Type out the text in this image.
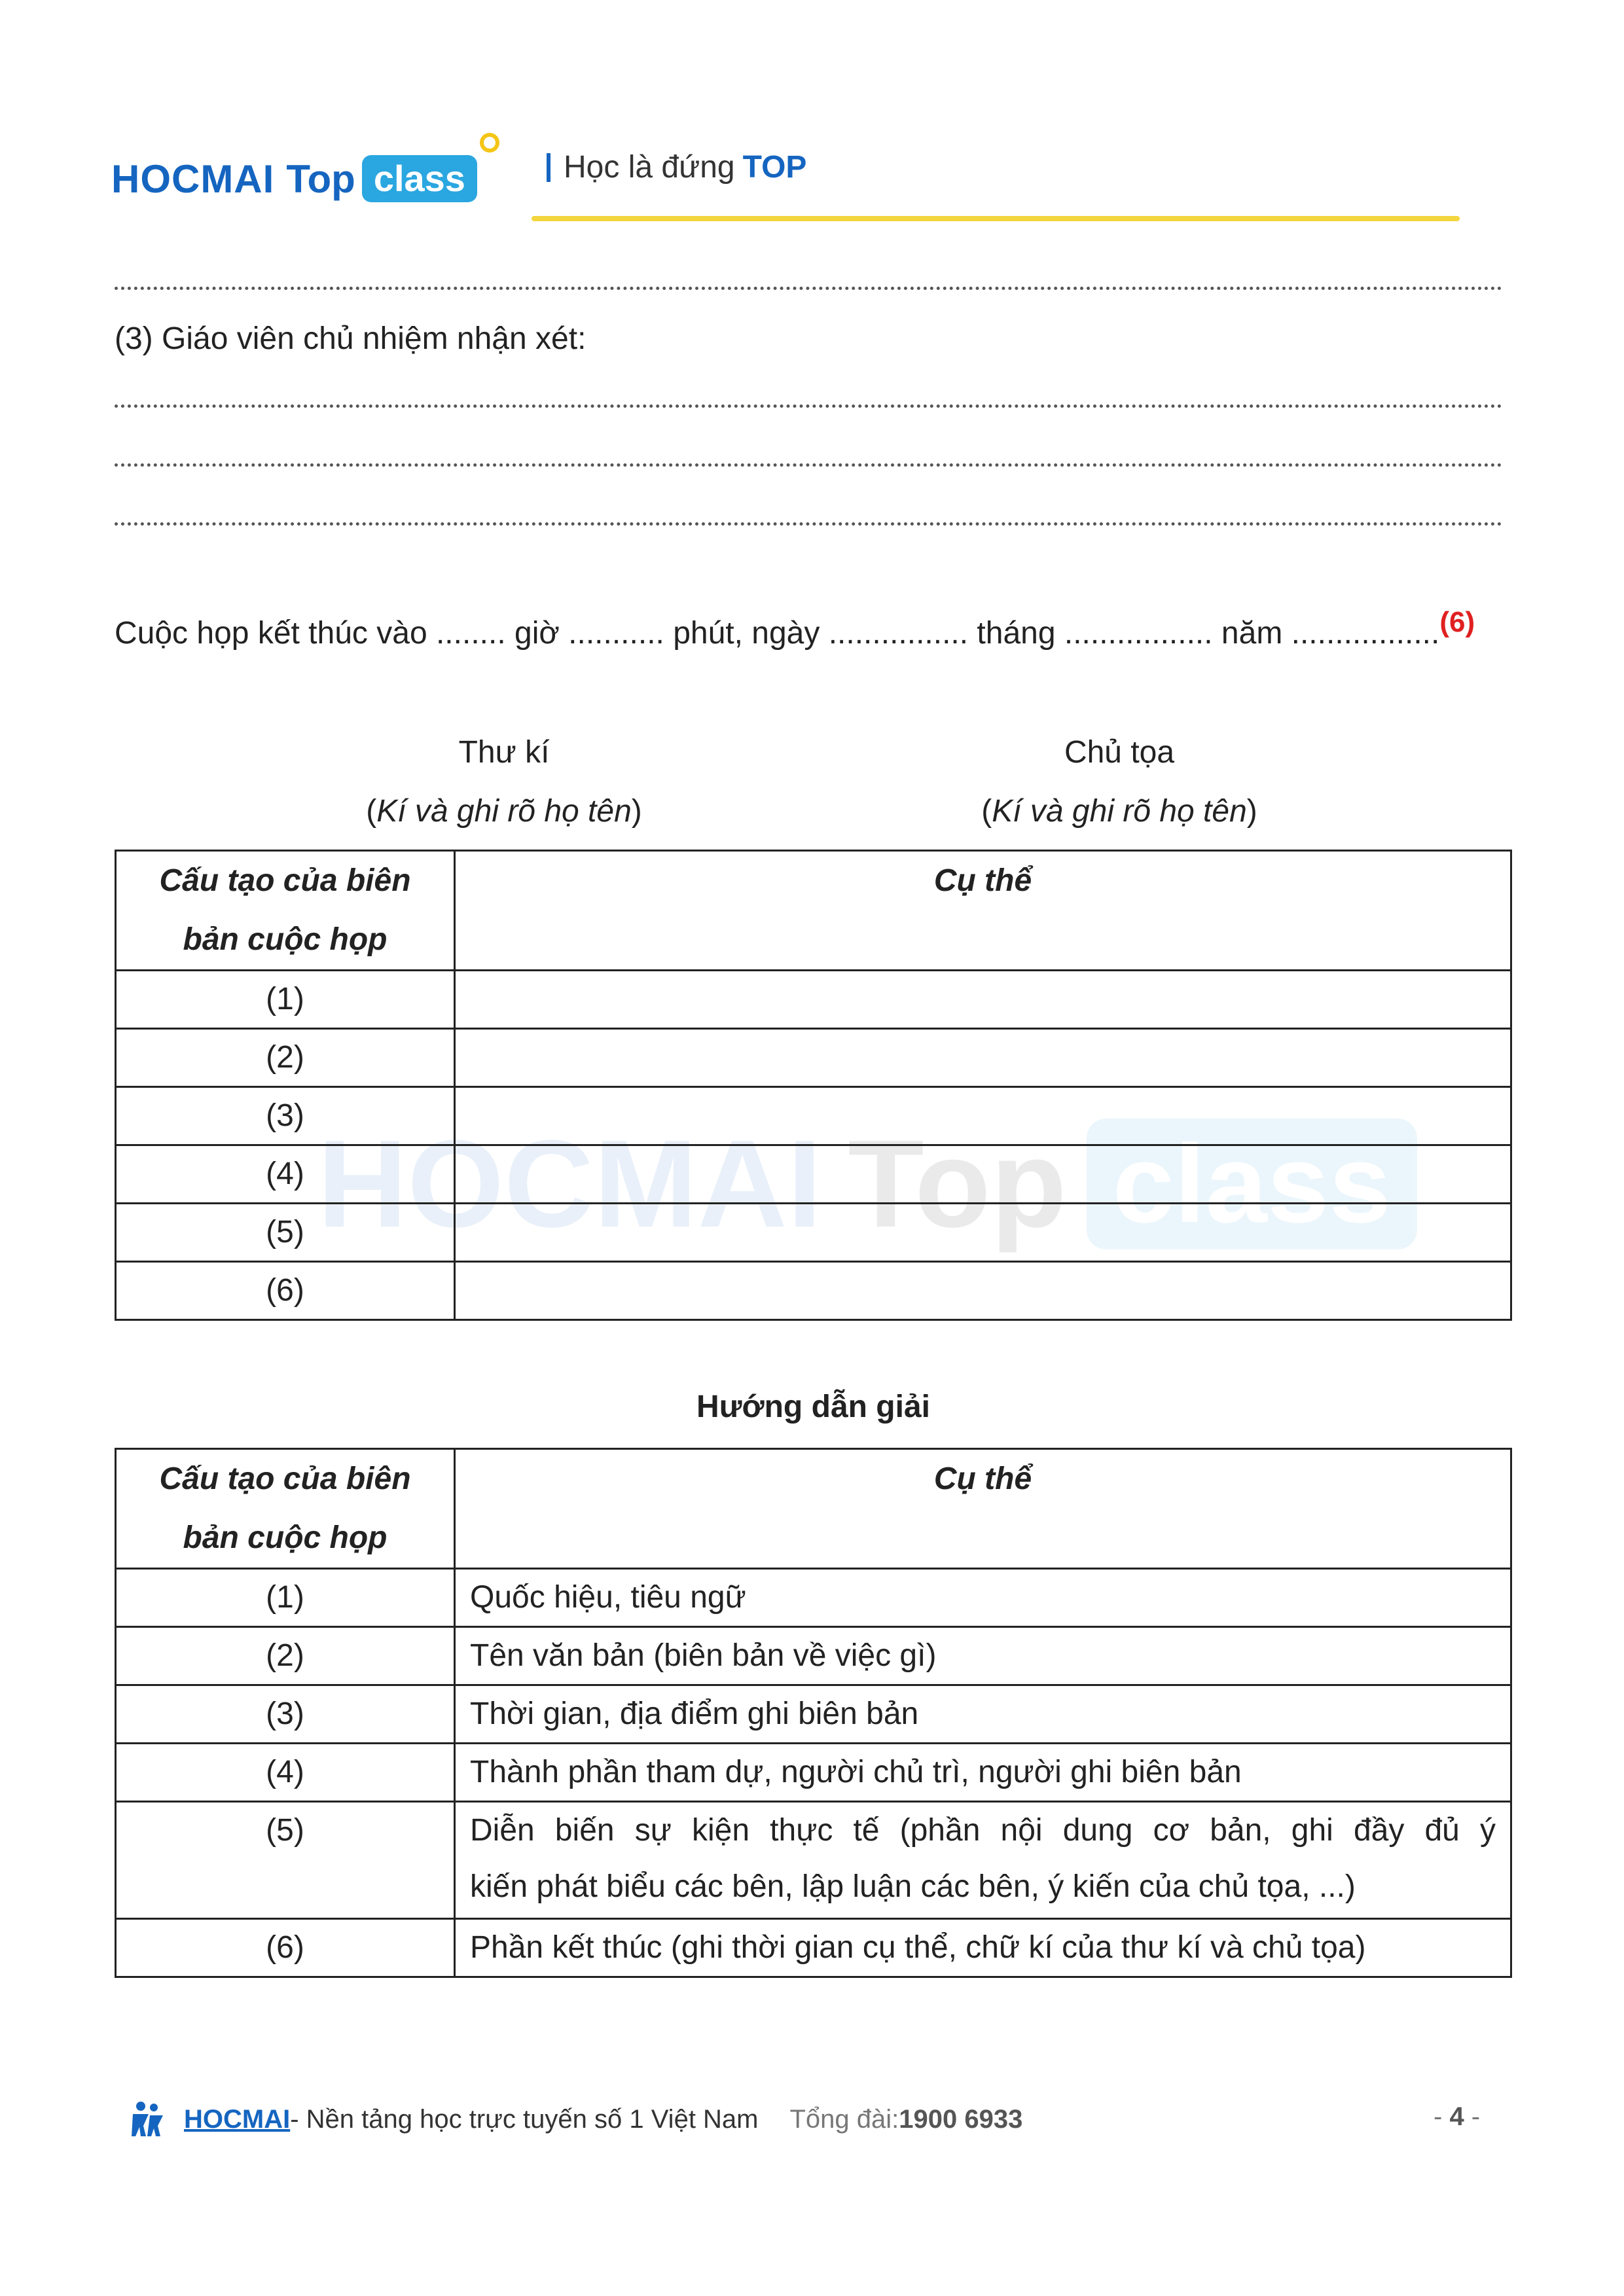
HOCMAI Top class	Học là đứng TOP
HOCMAI Top class
(3) Giáo viên chủ nhiệm nhận xét:
Cuộc họp kết thúc vào ........ giờ ........... phút, ngày ................ tháng ................. năm .................(6)
Thư kí	Chủ tọa
(Kí và ghi rõ họ tên)	(Kí và ghi rõ họ tên)
Cấu tạo của biên
bản cuộc họp	Cụ thể
(1)	
(2)	
(3)	
(4)	
(5)	
(6)	
Hướng dẫn giải
Cấu tạo của biên
bản cuộc họp	Cụ thể
(1)	Quốc hiệu, tiêu ngữ
(2)	Tên văn bản (biên bản về việc gì)
(3)	Thời gian, địa điểm ghi biên bản
(4)	Thành phần tham dự, người chủ trì, người ghi biên bản
(5)	Diễn biến sự kiện thực tế (phần nội dung cơ bản, ghi đầy đủ ý
kiến phát biểu các bên, lập luận các bên, ý kiến của chủ tọa, ...)

(6)	Phần kết thúc (ghi thời gian cụ thể, chữ kí của thư kí và chủ tọa)
HOCMAI - Nền tảng học trực tuyến số 1 Việt Nam Tổng đài: 1900 6933	- 4 -
